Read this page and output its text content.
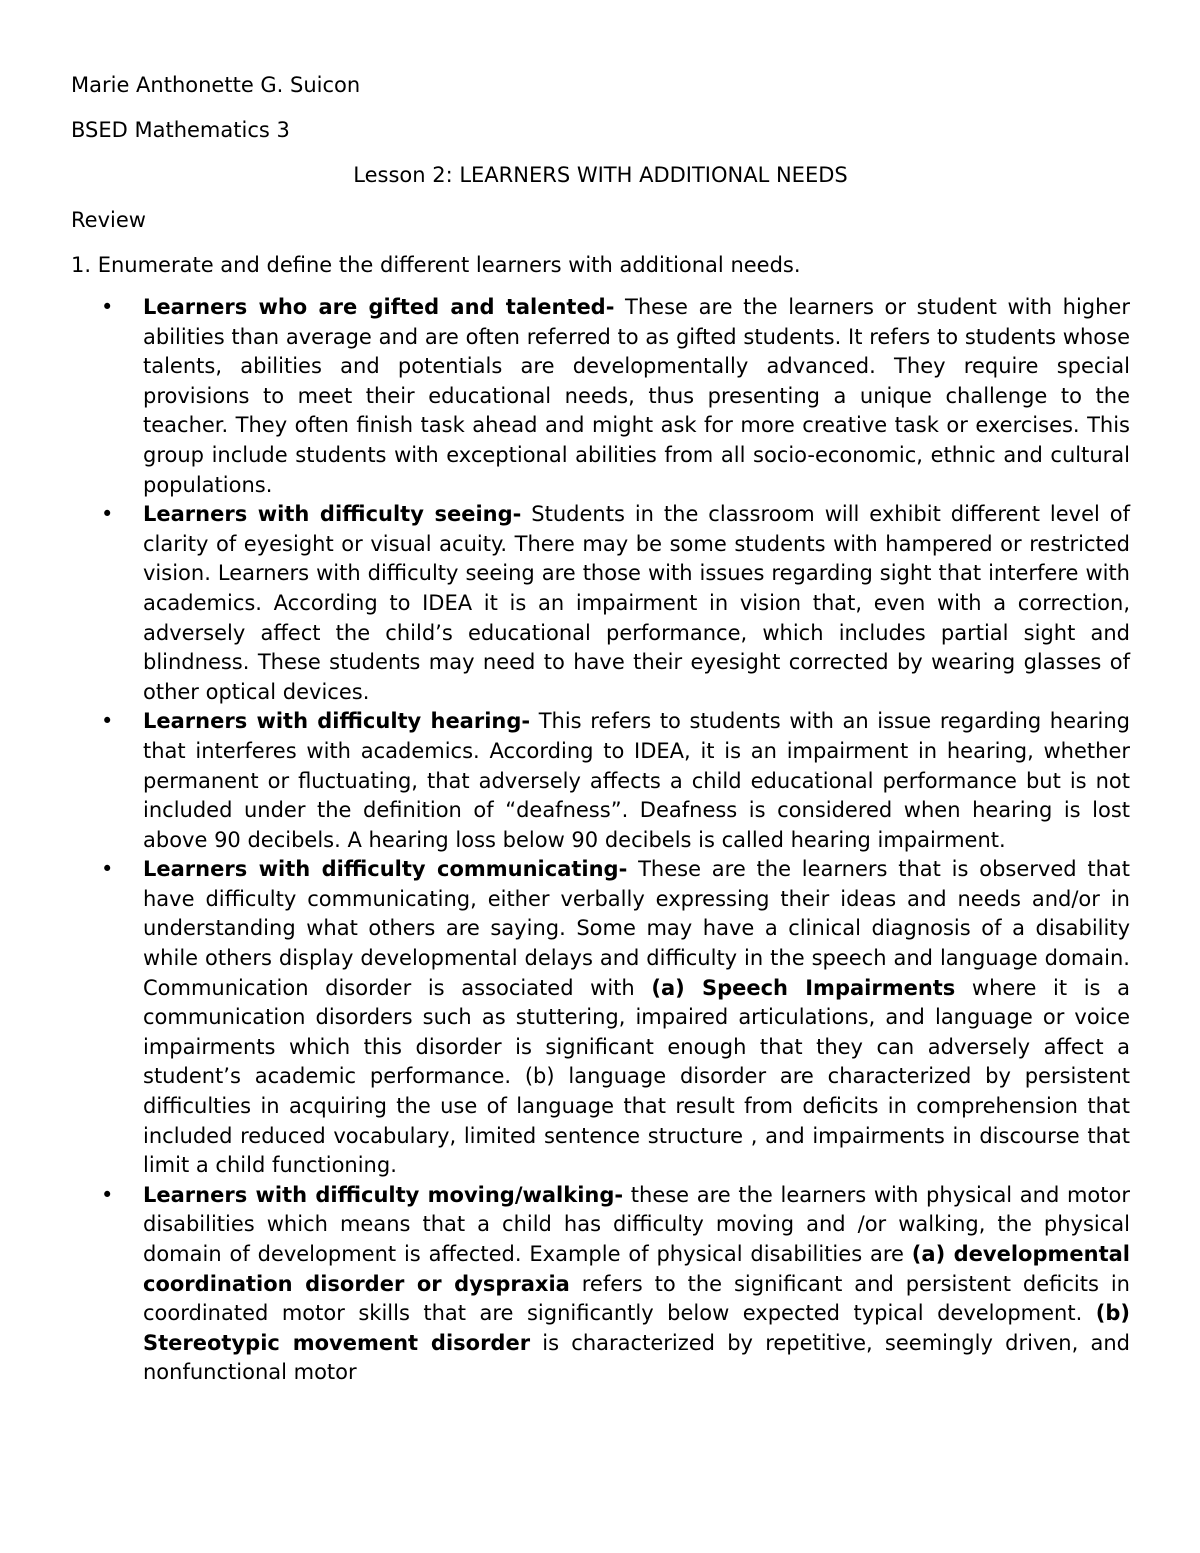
Marie Anthonette G. Suicon

BSED Mathematics 3

Lesson 2: LEARNERS WITH ADDITIONAL NEEDS

Review

1. Enumerate and define the different learners with additional needs.

• Learners who are gifted and talented- These are the learners or student with higher abilities than average and are often referred to as gifted students. It refers to students whose talents, abilities and potentials are developmentally advanced. They require special provisions to meet their educational needs, thus presenting a unique challenge to the teacher. They often finish task ahead and might ask for more creative task or exercises. This group include students with exceptional abilities from all socio-economic, ethnic and cultural populations.
• Learners with difficulty seeing- Students in the classroom will exhibit different level of clarity of eyesight or visual acuity. There may be some students with hampered or restricted vision. Learners with difficulty seeing are those with issues regarding sight that interfere with academics. According to IDEA it is an impairment in vision that, even with a correction, adversely affect the child’s educational performance, which includes partial sight and blindness. These students may need to have their eyesight corrected by wearing glasses of other optical devices.
• Learners with difficulty hearing- This refers to students with an issue regarding hearing that interferes with academics. According to IDEA, it is an impairment in hearing, whether permanent or fluctuating, that adversely affects a child educational performance but is not included under the definition of “deafness”. Deafness is considered when hearing is lost above 90 decibels. A hearing loss below 90 decibels is called hearing impairment.
• Learners with difficulty communicating- These are the learners that is observed that have difficulty communicating, either verbally expressing their ideas and needs and/or in understanding what others are saying. Some may have a clinical diagnosis of a disability while others display developmental delays and difficulty in the speech and language domain. Communication disorder is associated with (a) Speech Impairments where it is a communication disorders such as stuttering, impaired articulations, and language or voice impairments which this disorder is significant enough that they can adversely affect a student’s academic performance. (b) language disorder are characterized by persistent difficulties in acquiring the use of language that result from deficits in comprehension that included reduced vocabulary, limited sentence structure , and impairments in discourse that limit a child functioning.
• Learners with difficulty moving/walking- these are the learners with physical and motor disabilities which means that a child has difficulty moving and /or walking, the physical domain of development is affected. Example of physical disabilities are (a) developmental coordination disorder or dyspraxia refers to the significant and persistent deficits in coordinated motor skills that are significantly below expected typical development. (b) Stereotypic movement disorder is characterized by repetitive, seemingly driven, and nonfunctional motor
